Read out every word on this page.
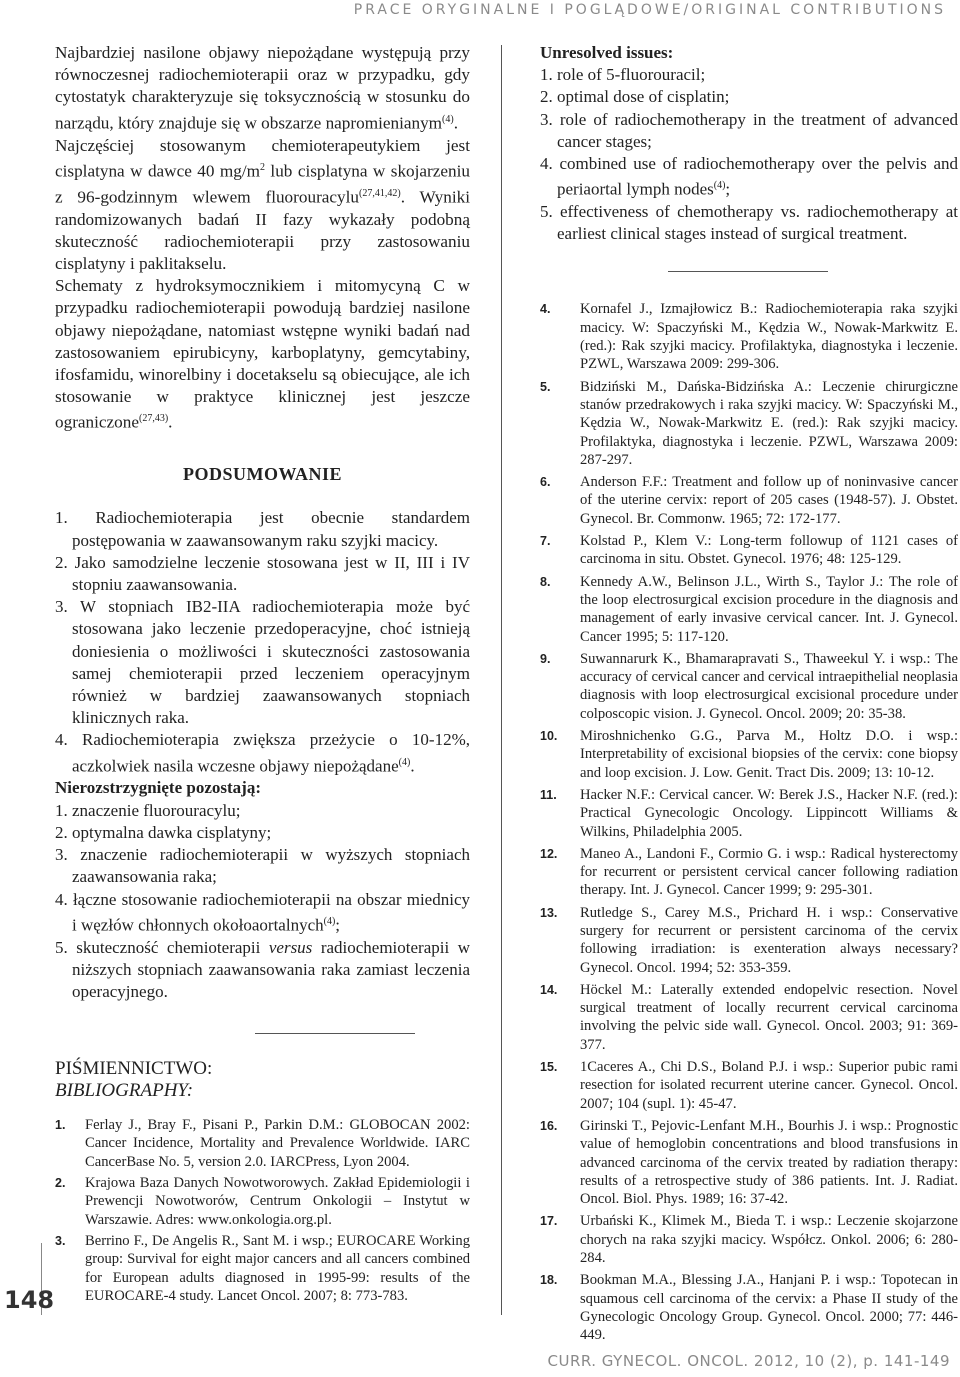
PRACE ORYGINALNE I POGLĄDOWE/ORIGINAL CONTRIBUTIONS
148
CURR. GYNECOL. ONCOL. 2012, 10 (2), p. 141-149

Najbardziej nasilone objawy niepożądane występują przy równoczesnej radiochemioterapii oraz w przypadku, gdy cytostatyk charakteryzuje się toksycznością w stosunku do narządu, który znajduje się w obszarze napromienianym$^{(4)}$.

Najczęściej stosowanym chemioterapeutykiem jest cisplatyna w dawce 40 $mg/m^2$ lub cisplatyna w skojarzeniu z 96-godzinnym wlewem fluorouracylu$^{(27,41,42)}$. Wyniki randomizowanych badań II fazy wykazały podobną skuteczność radiochemioterapii przy zastosowaniu cisplatyny i paklitakselu.

Schematy z hydroksymocznikiem i mitomycyną C w przypadku radiochemioterapii powodują bardziej nasilone objawy niepożądane, natomiast wstępne wyniki badań nad zastosowaniem epirubicyny, karboplatyny, gemcytabiny, ifosfamidu, winorelbiny i docetakselu są obiecujące, ale ich stosowanie w praktyce klinicznej jest jeszcze ograniczone$^{(27,43)}$.

PODSUMOWANIE
1. Radiochemioterapia jest obecnie standardem postępowania w zaawansowanym raku szyjki macicy.
2. Jako samodzielne leczenie stosowana jest w II, III i IV stopniu zaawansowania.
3. W stopniach IB2-IIA radiochemioterapia może być stosowana jako leczenie przedoperacyjne, choć istnieją doniesienia o możliwości i skuteczności zastosowania samej chemioterapii przed leczeniem operacyjnym również w bardziej zaawansowanych stopniach klinicznych raka.
4. Radiochemioterapia zwiększa przeżycie o 10-12%, aczkolwiek nasila wczesne objawy niepożądane$^{(4)}$.

Nierozstrzygnięte pozostają:

1. znaczenie fluorouracylu;
2. optymalna dawka cisplatyny;
3. znaczenie radiochemioterapii w wyższych stopniach zaawansowania raka;
4. łączne stosowanie radiochemioterapii na obszar miednicy i węzłów chłonnych okołoaortalnych$^{(4)}$;
5. skuteczność chemioterapii versus radiochemioterapii w niższych stopniach zaawansowania raka zamiast leczenia operacyjnego.

PIŚMIENNICTWO:

BIBLIOGRAPHY:

1. Ferlay J., Bray F., Pisani P., Parkin D.M.: GLOBOCAN 2002: Cancer Incidence, Mortality and Prevalence Worldwide. IARC CancerBase No. 5, version 2.0. IARCPress, Lyon 2004.
2. Krajowa Baza Danych Nowotworowych. Zakład Epidemiologii i Prewencji Nowotworów, Centrum Onkologii – Instytut w Warszawie. Adres: www.onkologia.org.pl.
3. Berrino F., De Angelis R., Sant M. i wsp.; EUROCARE Working group: Survival for eight major cancers and all cancers combined for European adults diagnosed in 1995-99: results of the EUROCARE-4 study. Lancet Oncol. 2007; 8: 773-783.

Unresolved issues:

1. role of 5-fluorouracil;
2. optimal dose of cisplatin;
3. role of radiochemotherapy in the treatment of advanced cancer stages;
4. combined use of radiochemotherapy over the pelvis and periaortal lymph nodes$^{(4)}$;
5. effectiveness of chemotherapy vs. radiochemotherapy at earliest clinical stages instead of surgical treatment.
4. Kornafel J., Izmajłowicz B.: Radiochemioterapia raka szyjki macicy. W: Spaczyński M., Kędzia W., Nowak-Markwitz E. (red.): Rak szyjki macicy. Profilaktyka, diagnostyka i leczenie. PZWL, Warszawa 2009: 299-306.
5. Bidziński M., Dańska-Bidzińska A.: Leczenie chirurgiczne stanów przedrakowych i raka szyjki macicy. W: Spaczyński M., Kędzia W., Nowak-Markwitz E. (red.): Rak szyjki macicy. Profilaktyka, diagnostyka i leczenie. PZWL, Warszawa 2009: 287-297.
6. Anderson F.F.: Treatment and follow up of noninvasive cancer of the uterine cervix: report of 205 cases (1948-57). J. Obstet. Gynecol. Br. Commonw. 1965; 72: 172-177.
7. Kolstad P., Klem V.: Long-term followup of 1121 cases of carcinoma in situ. Obstet. Gynecol. 1976; 48: 125-129.
8. Kennedy A.W., Belinson J.L., Wirth S., Taylor J.: The role of the loop electrosurgical excision procedure in the diagnosis and management of early invasive cervical cancer. Int. J. Gynecol. Cancer 1995; 5: 117-120.
9. Suwannarurk K., Bhamarapravati S., Thaweekul Y. i wsp.: The accuracy of cervical cancer and cervical intraepithelial neoplasia diagnosis with loop electrosurgical excisional procedure under colposcopic vision. J. Gynecol. Oncol. 2009; 20: 35-38.
10. Miroshnichenko G.G., Parva M., Holtz D.O. i wsp.: Interpretability of excisional biopsies of the cervix: cone biopsy and loop excision. J. Low. Genit. Tract Dis. 2009; 13: 10-12.
11. Hacker N.F.: Cervical cancer. W: Berek J.S., Hacker N.F. (red.): Practical Gynecologic Oncology. Lippincott Williams & Wilkins, Philadelphia 2005.
12. Maneo A., Landoni F., Cormio G. i wsp.: Radical hysterectomy for recurrent or persistent cervical cancer following radiation therapy. Int. J. Gynecol. Cancer 1999; 9: 295-301.
13. Rutledge S., Carey M.S., Prichard H. i wsp.: Conservative surgery for recurrent or persistent carcinoma of the cervix following irradiation: is exenteration always necessary? Gynecol. Oncol. 1994; 52: 353-359.
14. Höckel M.: Laterally extended endopelvic resection. Novel surgical treatment of locally recurrent cervical carcinoma involving the pelvic side wall. Gynecol. Oncol. 2003; 91: 369-377.
15. 1Caceres A., Chi D.S., Boland P.J. i wsp.: Superior pubic rami resection for isolated recurrent uterine cancer. Gynecol. Oncol. 2007; 104 (supl. 1): 45-47.
16. Girinski T., Pejovic-Lenfant M.H., Bourhis J. i wsp.: Prognostic value of hemoglobin concentrations and blood transfusions in advanced carcinoma of the cervix treated by radiation therapy: results of a retrospective study of 386 patients. Int. J. Radiat. Oncol. Biol. Phys. 1989; 16: 37-42.
17. Urbański K., Klimek M., Bieda T. i wsp.: Leczenie skojarzone chorych na raka szyjki macicy. Współcz. Onkol. 2006; 6: 280-284.
18. Bookman M.A., Blessing J.A., Hanjani P. i wsp.: Topotecan in squamous cell carcinoma of the cervix: a Phase II study of the Gynecologic Oncology Group. Gynecol. Oncol. 2000; 77: 446-449.
